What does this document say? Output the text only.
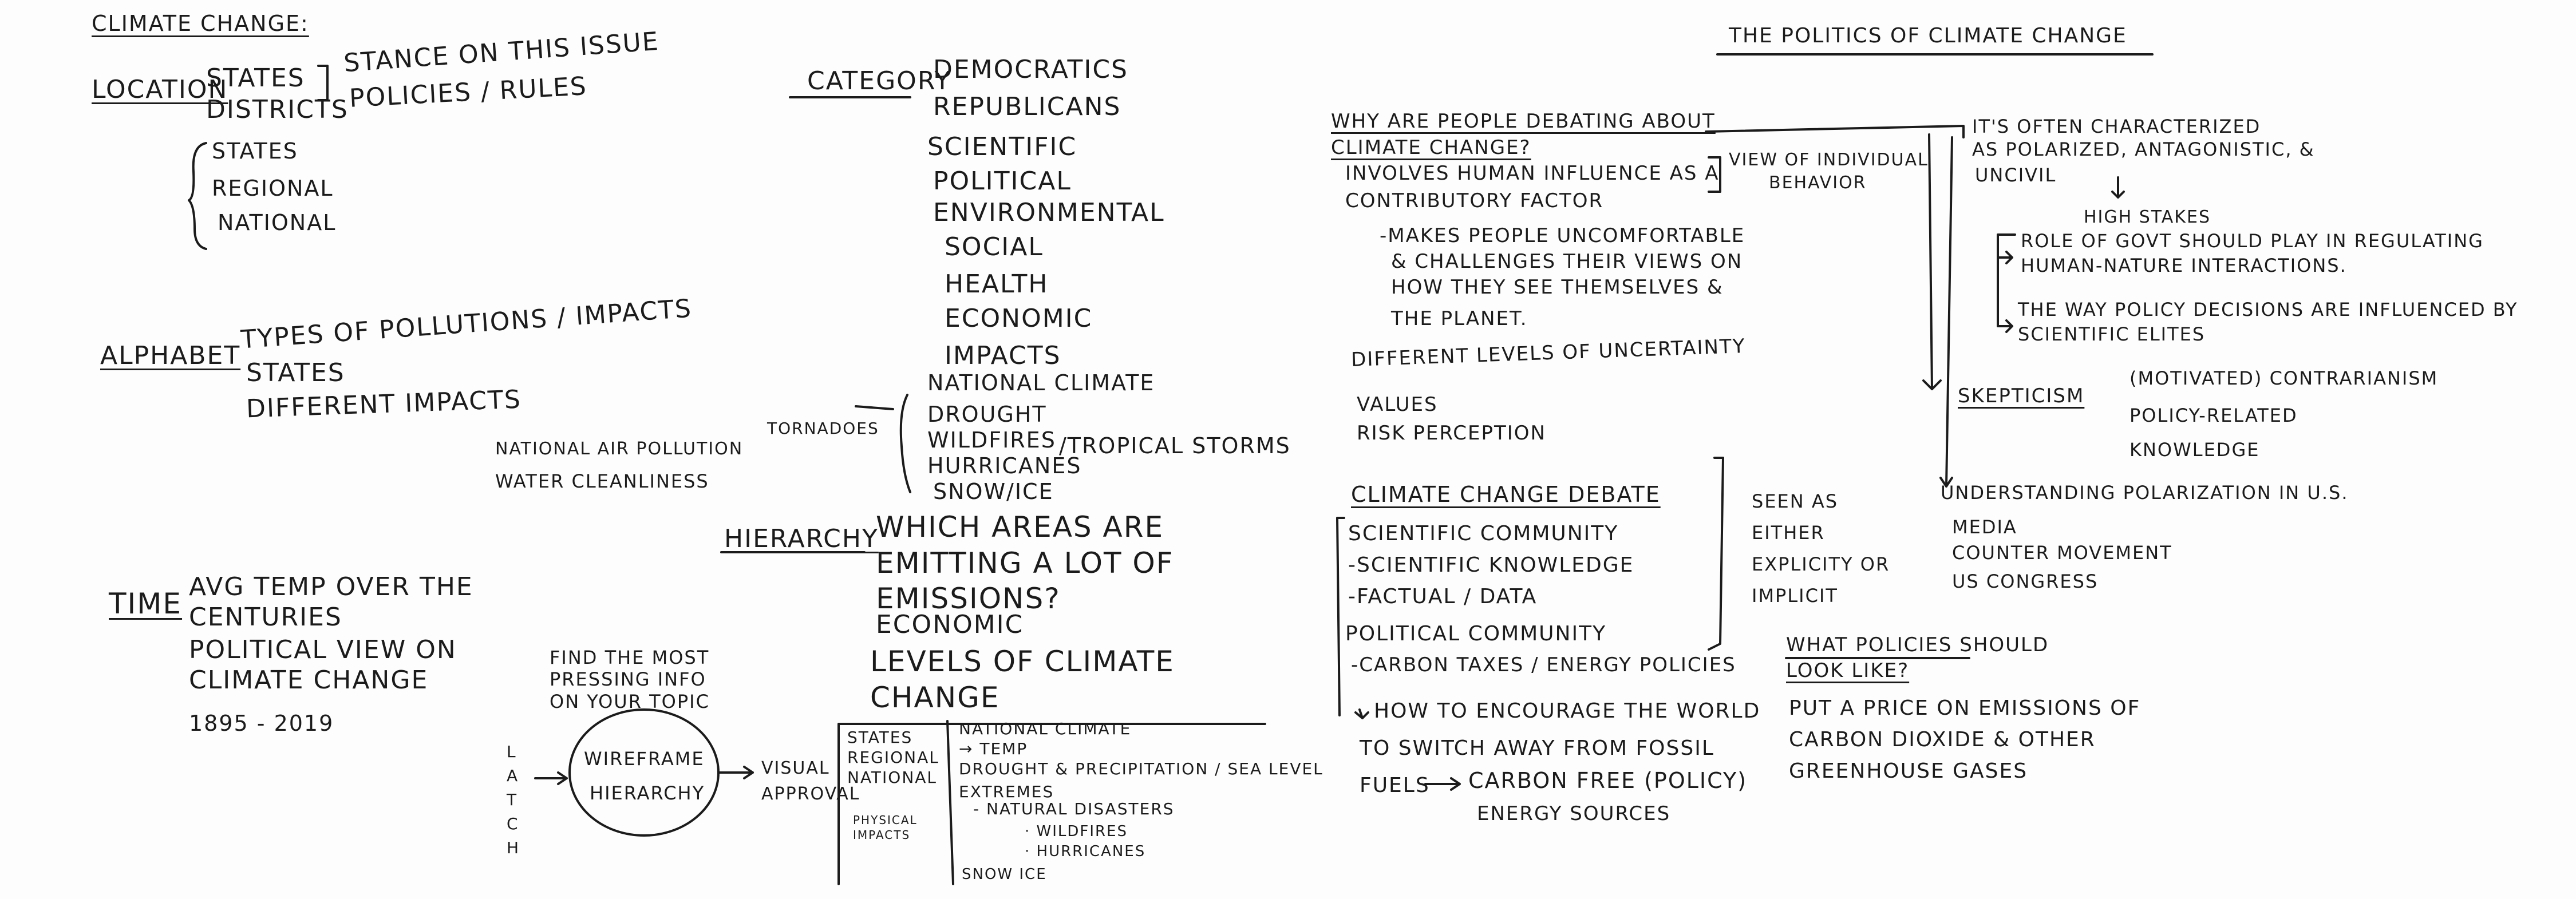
CLIMATE CHANGE:
LOCATION
STATES
DISTRICTS
STANCE ON THIS ISSUE
POLICIES / RULES
STATES
REGIONAL
NATIONAL
ALPHABET
TYPES OF POLLUTIONS / IMPACTS
STATES
DIFFERENT IMPACTS
NATIONAL AIR POLLUTION
WATER CLEANLINESS
TIME
AVG TEMP OVER THE CENTURIES
POLITICAL VIEW ON CLIMATE CHANGE
1895 - 2019
CATEGORY
DEMOCRATICS
REPUBLICANS
SCIENTIFIC
POLITICAL
ENVIRONMENTAL
SOCIAL
HEALTH
ECONOMIC
IMPACTS
TORNADOES
NATIONAL CLIMATE
DROUGHT
WILDFIRES
HURRICANES
SNOW/ICE
/TROPICAL STORMS
HIERARCHY
WHICH AREAS ARE EMITTING A LOT OF EMISSIONS?
ECONOMIC
LEVELS OF CLIMATE CHANGE
L
A
T
C
H
FIND THE MOST PRESSING INFO ON YOUR TOPIC
WIREFRAME
HIERARCHY
VISUAL APPROVAL
STATES
REGIONAL
NATIONAL
PHYSICAL IMPACTS
NATIONAL CLIMATE
→ TEMP
DROUGHT & PRECIPITATION / SEA LEVEL
EXTREMES
- NATURAL DISASTERS
· WILDFIRES
· HURRICANES
SNOW ICE
THE POLITICS OF CLIMATE CHANGE
WHY ARE PEOPLE DEBATING ABOUT CLIMATE CHANGE?
INVOLVES HUMAN INFLUENCE AS A CONTRIBUTORY FACTOR
-MAKES PEOPLE UNCOMFORTABLE
& CHALLENGES THEIR VIEWS ON
HOW THEY SEE THEMSELVES &
THE PLANET.
DIFFERENT LEVELS OF UNCERTAINTY
VALUES
RISK PERCEPTION
VIEW OF INDIVIDUAL
BEHAVIOR
IT'S OFTEN CHARACTERIZED
AS POLARIZED, ANTAGONISTIC, &
UNCIVIL
HIGH STAKES
ROLE OF GOVT SHOULD PLAY IN REGULATING HUMAN-NATURE INTERACTIONS.
THE WAY POLICY DECISIONS ARE INFLUENCED BY SCIENTIFIC ELITES
SKEPTICISM
(MOTIVATED) CONTRARIANISM
POLICY-RELATED
KNOWLEDGE
UNDERSTANDING POLARIZATION IN U.S.
MEDIA
COUNTER MOVEMENT
US CONGRESS
CLIMATE CHANGE DEBATE
SCIENTIFIC COMMUNITY
-SCIENTIFIC KNOWLEDGE
-FACTUAL / DATA
POLITICAL COMMUNITY
-CARBON TAXES / ENERGY POLICIES
SEEN AS
EITHER
EXPLICITY OR
IMPLICIT
HOW TO ENCOURAGE THE WORLD
TO SWITCH AWAY FROM FOSSIL
FUELS CARBON FREE (POLICY)
ENERGY SOURCES
WHAT POLICIES SHOULD
LOOK LIKE?
PUT A PRICE ON EMISSIONS OF
CARBON DIOXIDE & OTHER
GREENHOUSE GASES
